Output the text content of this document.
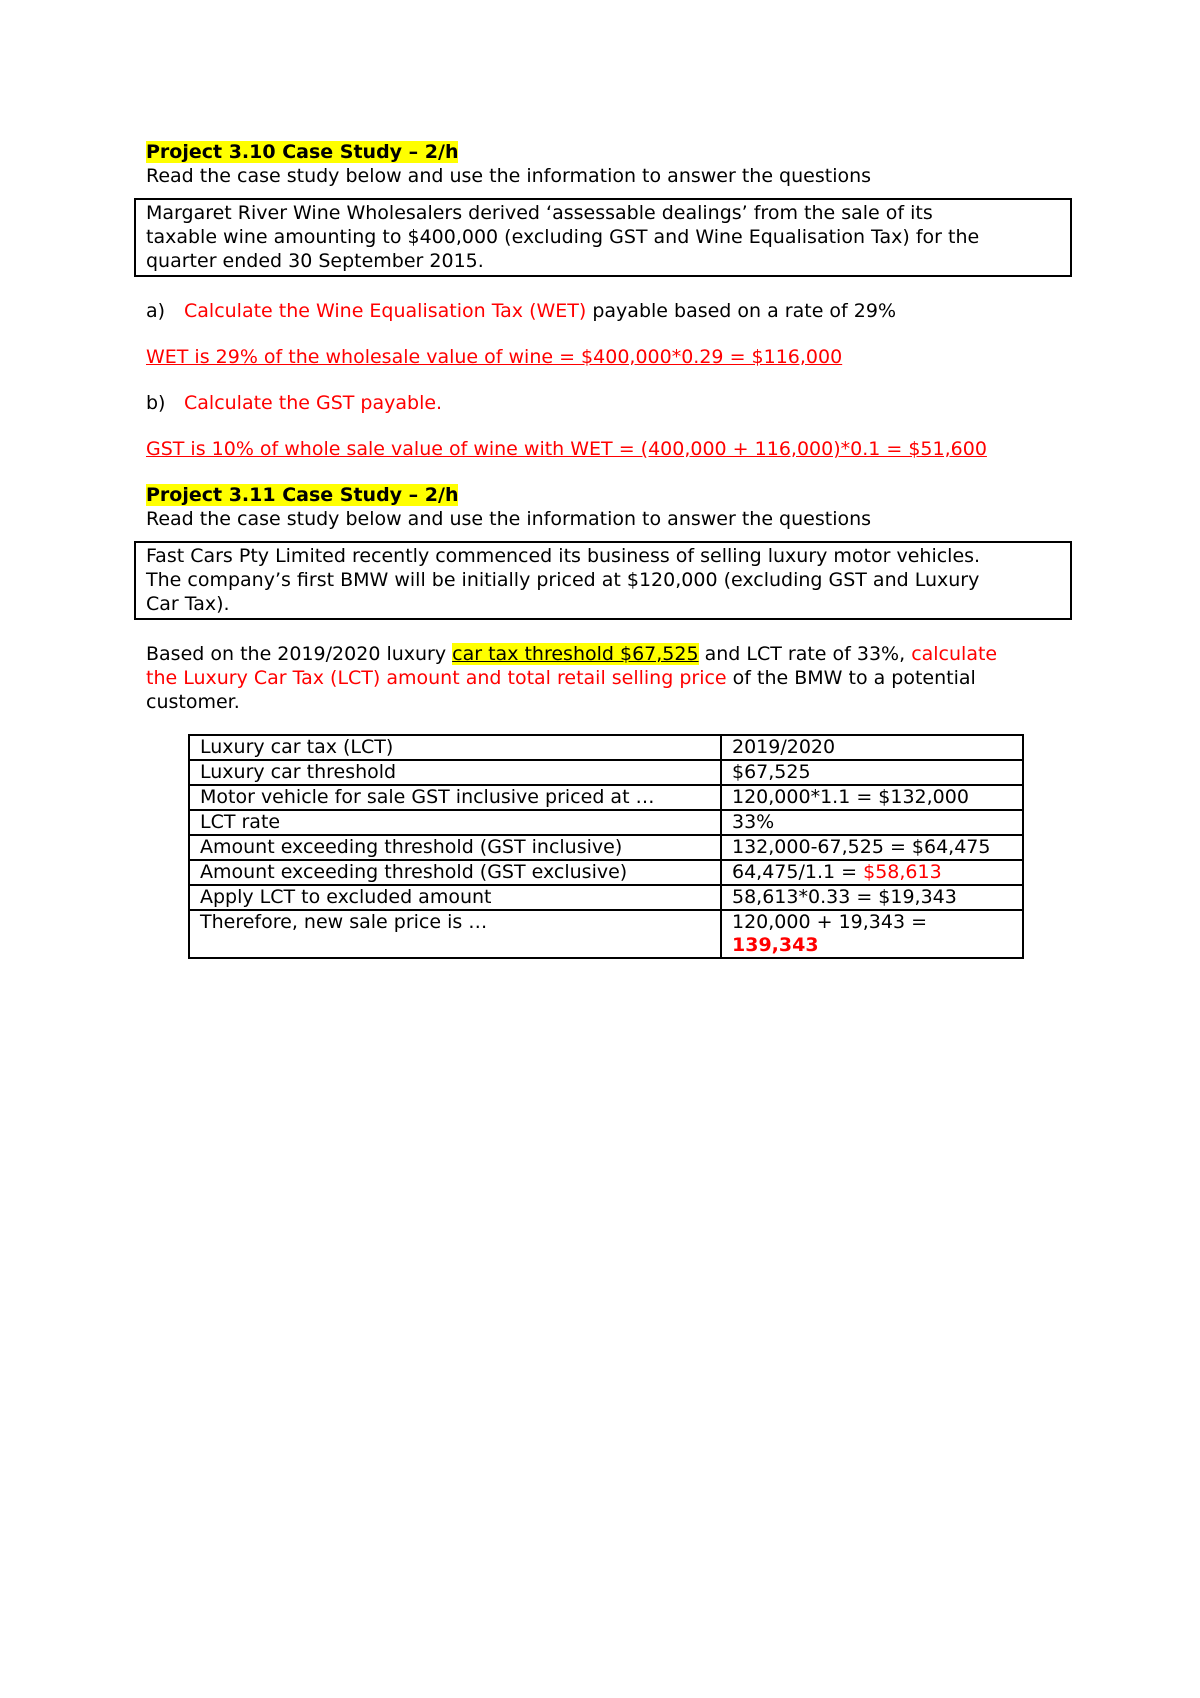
Project 3.10 Case Study – 2/h

Read the case study below and use the information to answer the questions

Margaret River Wine Wholesalers derived ‘assessable dealings’ from the sale of its
taxable wine amounting to $400,000 (excluding GST and Wine Equalisation Tax) for the
quarter ended 30 September 2015.

a) Calculate the Wine Equalisation Tax (WET) payable based on a rate of 29%

WET is 29% of the wholesale value of wine = $400,000*0.29 = $116,000

b) Calculate the GST payable.

GST is 10% of whole sale value of wine with WET = (400,000 + 116,000)*0.1 = $51,600

Project 3.11 Case Study – 2/h

Read the case study below and use the information to answer the questions

Fast Cars Pty Limited recently commenced its business of selling luxury motor vehicles.
The company’s first BMW will be initially priced at $120,000 (excluding GST and Luxury
Car Tax).
Based on the 2019/2020 luxury car tax threshold $67,525 and LCT rate of 33%, calculate
the Luxury Car Tax (LCT) amount and total retail selling price of the BMW to a potential
customer.
Luxury car tax (LCT)	2019/2020
Luxury car threshold	$67,525
Motor vehicle for sale GST inclusive priced at …	120,000*1.1 = $132,000
LCT rate	33%
Amount exceeding threshold (GST inclusive)	132,000-67,525 = $64,475
Amount exceeding threshold (GST exclusive)	64,475/1.1 = $58,613
Apply LCT to excluded amount	58,613*0.33 = $19,343
Therefore, new sale price is …	120,000 + 19,343 =
139,343
